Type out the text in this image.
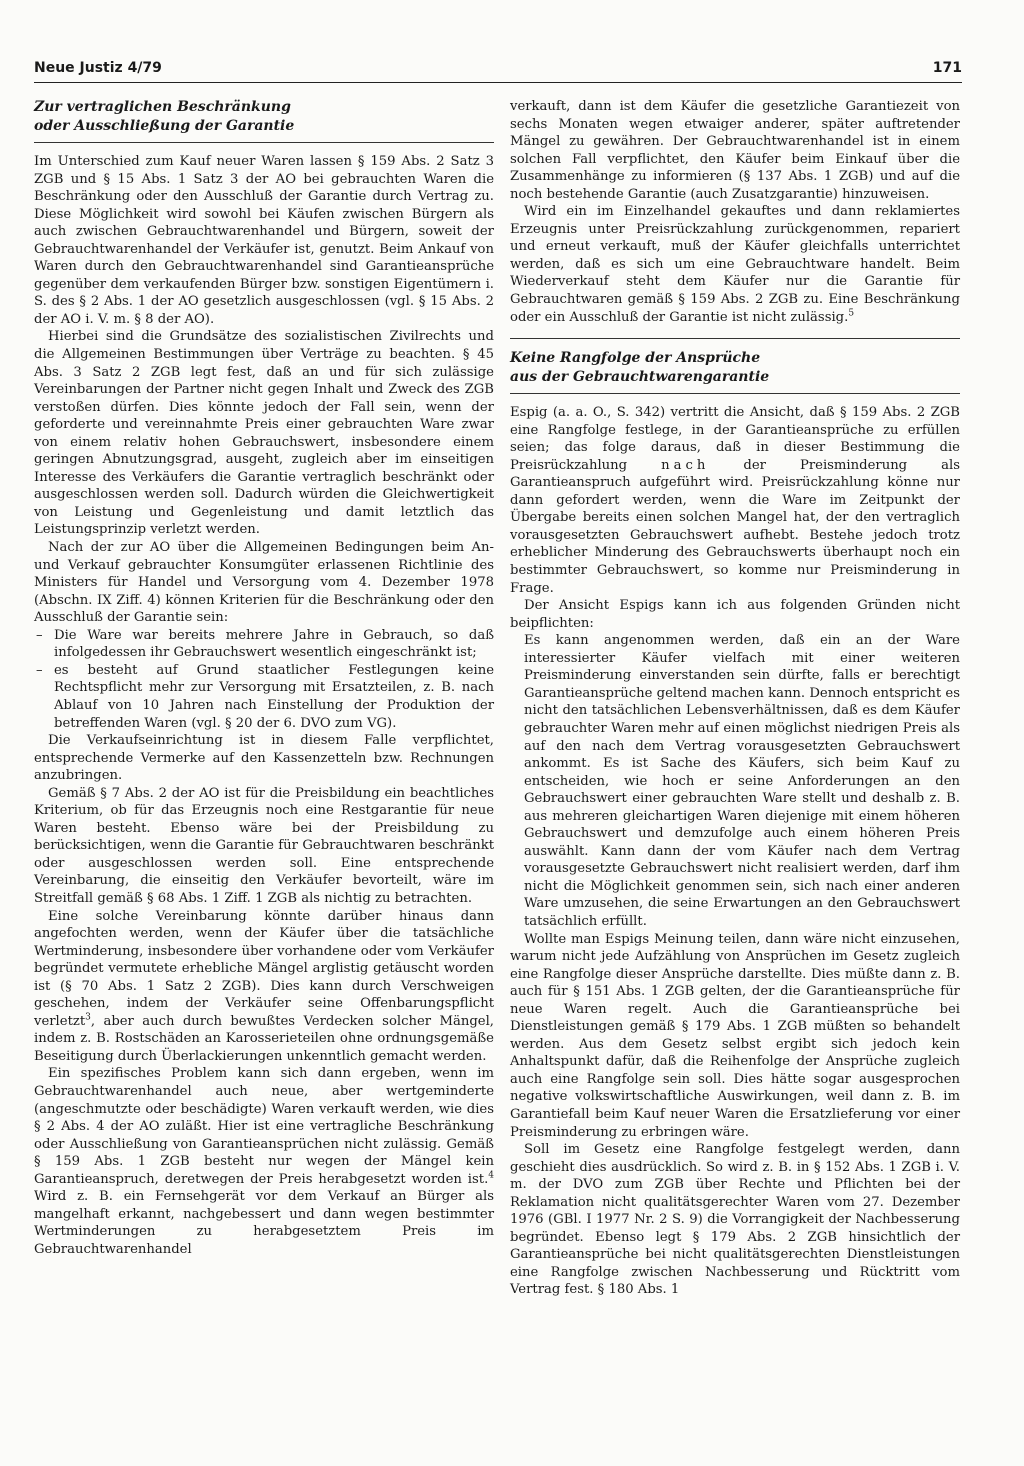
Neue Justiz 4/79	171
Zur vertraglichen Beschränkung
oder Ausschließung der Garantie

Im Unterschied zum Kauf neuer Waren lassen § 159 Abs. 2 Satz 3 ZGB und § 15 Abs. 1 Satz 3 der AO bei gebrauchten Waren die Beschränkung oder den Ausschluß der Garantie durch Vertrag zu. Diese Möglichkeit wird sowohl bei Käufen zwischen Bürgern als auch zwischen Gebrauchtwarenhandel und Bürgern, soweit der Gebrauchtwarenhandel der Verkäufer ist, genutzt. Beim Ankauf von Waren durch den Gebrauchtwarenhandel sind Garantieansprüche gegenüber dem verkaufenden Bürger bzw. sonstigen Eigentümern i. S. des § 2 Abs. 1 der AO gesetzlich ausgeschlossen (vgl. § 15 Abs. 2 der AO i. V. m. § 8 der AO).

Hierbei sind die Grundsätze des sozialistischen Zivilrechts und die Allgemeinen Bestimmungen über Verträge zu beachten. § 45 Abs. 3 Satz 2 ZGB legt fest, daß an und für sich zulässige Vereinbarungen der Partner nicht gegen Inhalt und Zweck des ZGB verstoßen dürfen. Dies könnte jedoch der Fall sein, wenn der geforderte und vereinnahmte Preis einer gebrauchten Ware zwar von einem relativ hohen Gebrauchswert, insbesondere einem geringen Abnutzungsgrad, ausgeht, zugleich aber im einseitigen Interesse des Verkäufers die Garantie vertraglich beschränkt oder ausgeschlossen werden soll. Dadurch würden die Gleichwertigkeit von Leistung und Gegenleistung und damit letztlich das Leistungsprinzip verletzt werden.

Nach der zur AO über die Allgemeinen Bedingungen beim An- und Verkauf gebrauchter Konsumgüter erlassenen Richtlinie des Ministers für Handel und Versorgung vom 4. Dezember 1978 (Abschn. IX Ziff. 4) können Kriterien für die Beschränkung oder den Ausschluß der Garantie sein:

– Die Ware war bereits mehrere Jahre in Gebrauch, so daß infolgedessen ihr Gebrauchswert wesentlich eingeschränkt ist;
– es besteht auf Grund staatlicher Festlegungen keine Rechtspflicht mehr zur Versorgung mit Ersatzteilen, z. B. nach Ablauf von 10 Jahren nach Einstellung der Produktion der betreffenden Waren (vgl. § 20 der 6. DVO zum VG).

Die Verkaufseinrichtung ist in diesem Falle verpflichtet, entsprechende Vermerke auf den Kassenzetteln bzw. Rechnungen anzubringen.

Gemäß § 7 Abs. 2 der AO ist für die Preisbildung ein beachtliches Kriterium, ob für das Erzeugnis noch eine Restgarantie für neue Waren besteht. Ebenso wäre bei der Preisbildung zu berücksichtigen, wenn die Garantie für Gebrauchtwaren beschränkt oder ausgeschlossen werden soll. Eine entsprechende Vereinbarung, die einseitig den Verkäufer bevorteilt, wäre im Streitfall gemäß § 68 Abs. 1 Ziff. 1 ZGB als nichtig zu betrachten.

Eine solche Vereinbarung könnte darüber hinaus dann angefochten werden, wenn der Käufer über die tatsächliche Wertminderung, insbesondere über vorhandene oder vom Verkäufer begründet vermutete erhebliche Mängel arglistig getäuscht worden ist (§ 70 Abs. 1 Satz 2 ZGB). Dies kann durch Verschweigen geschehen, indem der Verkäufer seine Offenbarungspflicht verletzt$^3$, aber auch durch bewußtes Verdecken solcher Mängel, indem z. B. Rostschäden an Karosserieteilen ohne ordnungsgemäße Beseitigung durch Überlackierungen unkenntlich gemacht werden.

Ein spezifisches Problem kann sich dann ergeben, wenn im Gebrauchtwarenhandel auch neue, aber wertgeminderte (angeschmutzte oder beschädigte) Waren verkauft werden, wie dies § 2 Abs. 4 der AO zuläßt. Hier ist eine vertragliche Beschränkung oder Ausschließung von Garantieansprüchen nicht zulässig. Gemäß § 159 Abs. 1 ZGB besteht nur wegen der Mängel kein Garantieanspruch, deretwegen der Preis herabgesetzt worden ist.$^4$ Wird z. B. ein Fernsehgerät vor dem Verkauf an Bürger als mangelhaft erkannt, nachgebessert und dann wegen bestimmter Wertminderungen zu herabgesetztem Preis im Gebrauchtwarenhandel

verkauft, dann ist dem Käufer die gesetzliche Garantiezeit von sechs Monaten wegen etwaiger anderer, später auftretender Mängel zu gewähren. Der Gebrauchtwarenhandel ist in einem solchen Fall verpflichtet, den Käufer beim Einkauf über die Zusammenhänge zu informieren (§ 137 Abs. 1 ZGB) und auf die noch bestehende Garantie (auch Zusatzgarantie) hinzuweisen.

Wird ein im Einzelhandel gekauftes und dann reklamiertes Erzeugnis unter Preisrückzahlung zurückgenommen, repariert und erneut verkauft, muß der Käufer gleichfalls unterrichtet werden, daß es sich um eine Gebrauchtware handelt. Beim Wiederverkauf steht dem Käufer nur die Garantie für Gebrauchtwaren gemäß § 159 Abs. 2 ZGB zu. Eine Beschränkung oder ein Ausschluß der Garantie ist nicht zulässig.$^5$

Keine Rangfolge der Ansprüche
aus der Gebrauchtwarengarantie

Espig (a. a. O., S. 342) vertritt die Ansicht, daß § 159 Abs. 2 ZGB eine Rangfolge festlege, in der Garantieansprüche zu erfüllen seien; das folge daraus, daß in dieser Bestimmung die Preisrückzahlung nach der Preisminderung als Garantieanspruch aufgeführt wird. Preisrückzahlung könne nur dann gefordert werden, wenn die Ware im Zeitpunkt der Übergabe bereits einen solchen Mangel hat, der den vertraglich vorausgesetzten Gebrauchswert aufhebt. Bestehe jedoch trotz erheblicher Minderung des Gebrauchswerts überhaupt noch ein bestimmter Gebrauchswert, so komme nur Preisminderung in Frage.

Der Ansicht Espigs kann ich aus folgenden Gründen nicht beipflichten:

Es kann angenommen werden, daß ein an der Ware interessierter Käufer vielfach mit einer weiteren Preisminderung einverstanden sein dürfte, falls er berechtigt Garantieansprüche geltend machen kann. Dennoch entspricht es nicht den tatsächlichen Lebensverhältnissen, daß es dem Käufer gebrauchter Waren mehr auf einen möglichst niedrigen Preis als auf den nach dem Vertrag vorausgesetzten Gebrauchswert ankommt. Es ist Sache des Käufers, sich beim Kauf zu entscheiden, wie hoch er seine Anforderungen an den Gebrauchswert einer gebrauchten Ware stellt und deshalb z. B. aus mehreren gleichartigen Waren diejenige mit einem höheren Gebrauchswert und demzufolge auch einem höheren Preis auswählt. Kann dann der vom Käufer nach dem Vertrag vorausgesetzte Gebrauchswert nicht realisiert werden, darf ihm nicht die Möglichkeit genommen sein, sich nach einer anderen Ware umzusehen, die seine Erwartungen an den Gebrauchswert tatsächlich erfüllt.

Wollte man Espigs Meinung teilen, dann wäre nicht einzusehen, warum nicht jede Aufzählung von Ansprüchen im Gesetz zugleich eine Rangfolge dieser Ansprüche darstellte. Dies müßte dann z. B. auch für § 151 Abs. 1 ZGB gelten, der die Garantieansprüche für neue Waren regelt. Auch die Garantieansprüche bei Dienstleistungen gemäß § 179 Abs. 1 ZGB müßten so behandelt werden. Aus dem Gesetz selbst ergibt sich jedoch kein Anhaltspunkt dafür, daß die Reihenfolge der Ansprüche zugleich auch eine Rangfolge sein soll. Dies hätte sogar ausgesprochen negative volkswirtschaftliche Auswirkungen, weil dann z. B. im Garantiefall beim Kauf neuer Waren die Ersatzlieferung vor einer Preisminderung zu erbringen wäre.

Soll im Gesetz eine Rangfolge festgelegt werden, dann geschieht dies ausdrücklich. So wird z. B. in § 152 Abs. 1 ZGB i. V. m. der DVO zum ZGB über Rechte und Pflichten bei der Reklamation nicht qualitätsgerechter Waren vom 27. Dezember 1976 (GBl. I 1977 Nr. 2 S. 9) die Vorrangigkeit der Nachbesserung begründet. Ebenso legt § 179 Abs. 2 ZGB hinsichtlich der Garantieansprüche bei nicht qualitätsgerechten Dienstleistungen eine Rangfolge zwischen Nachbesserung und Rücktritt vom Vertrag fest. § 180 Abs. 1
